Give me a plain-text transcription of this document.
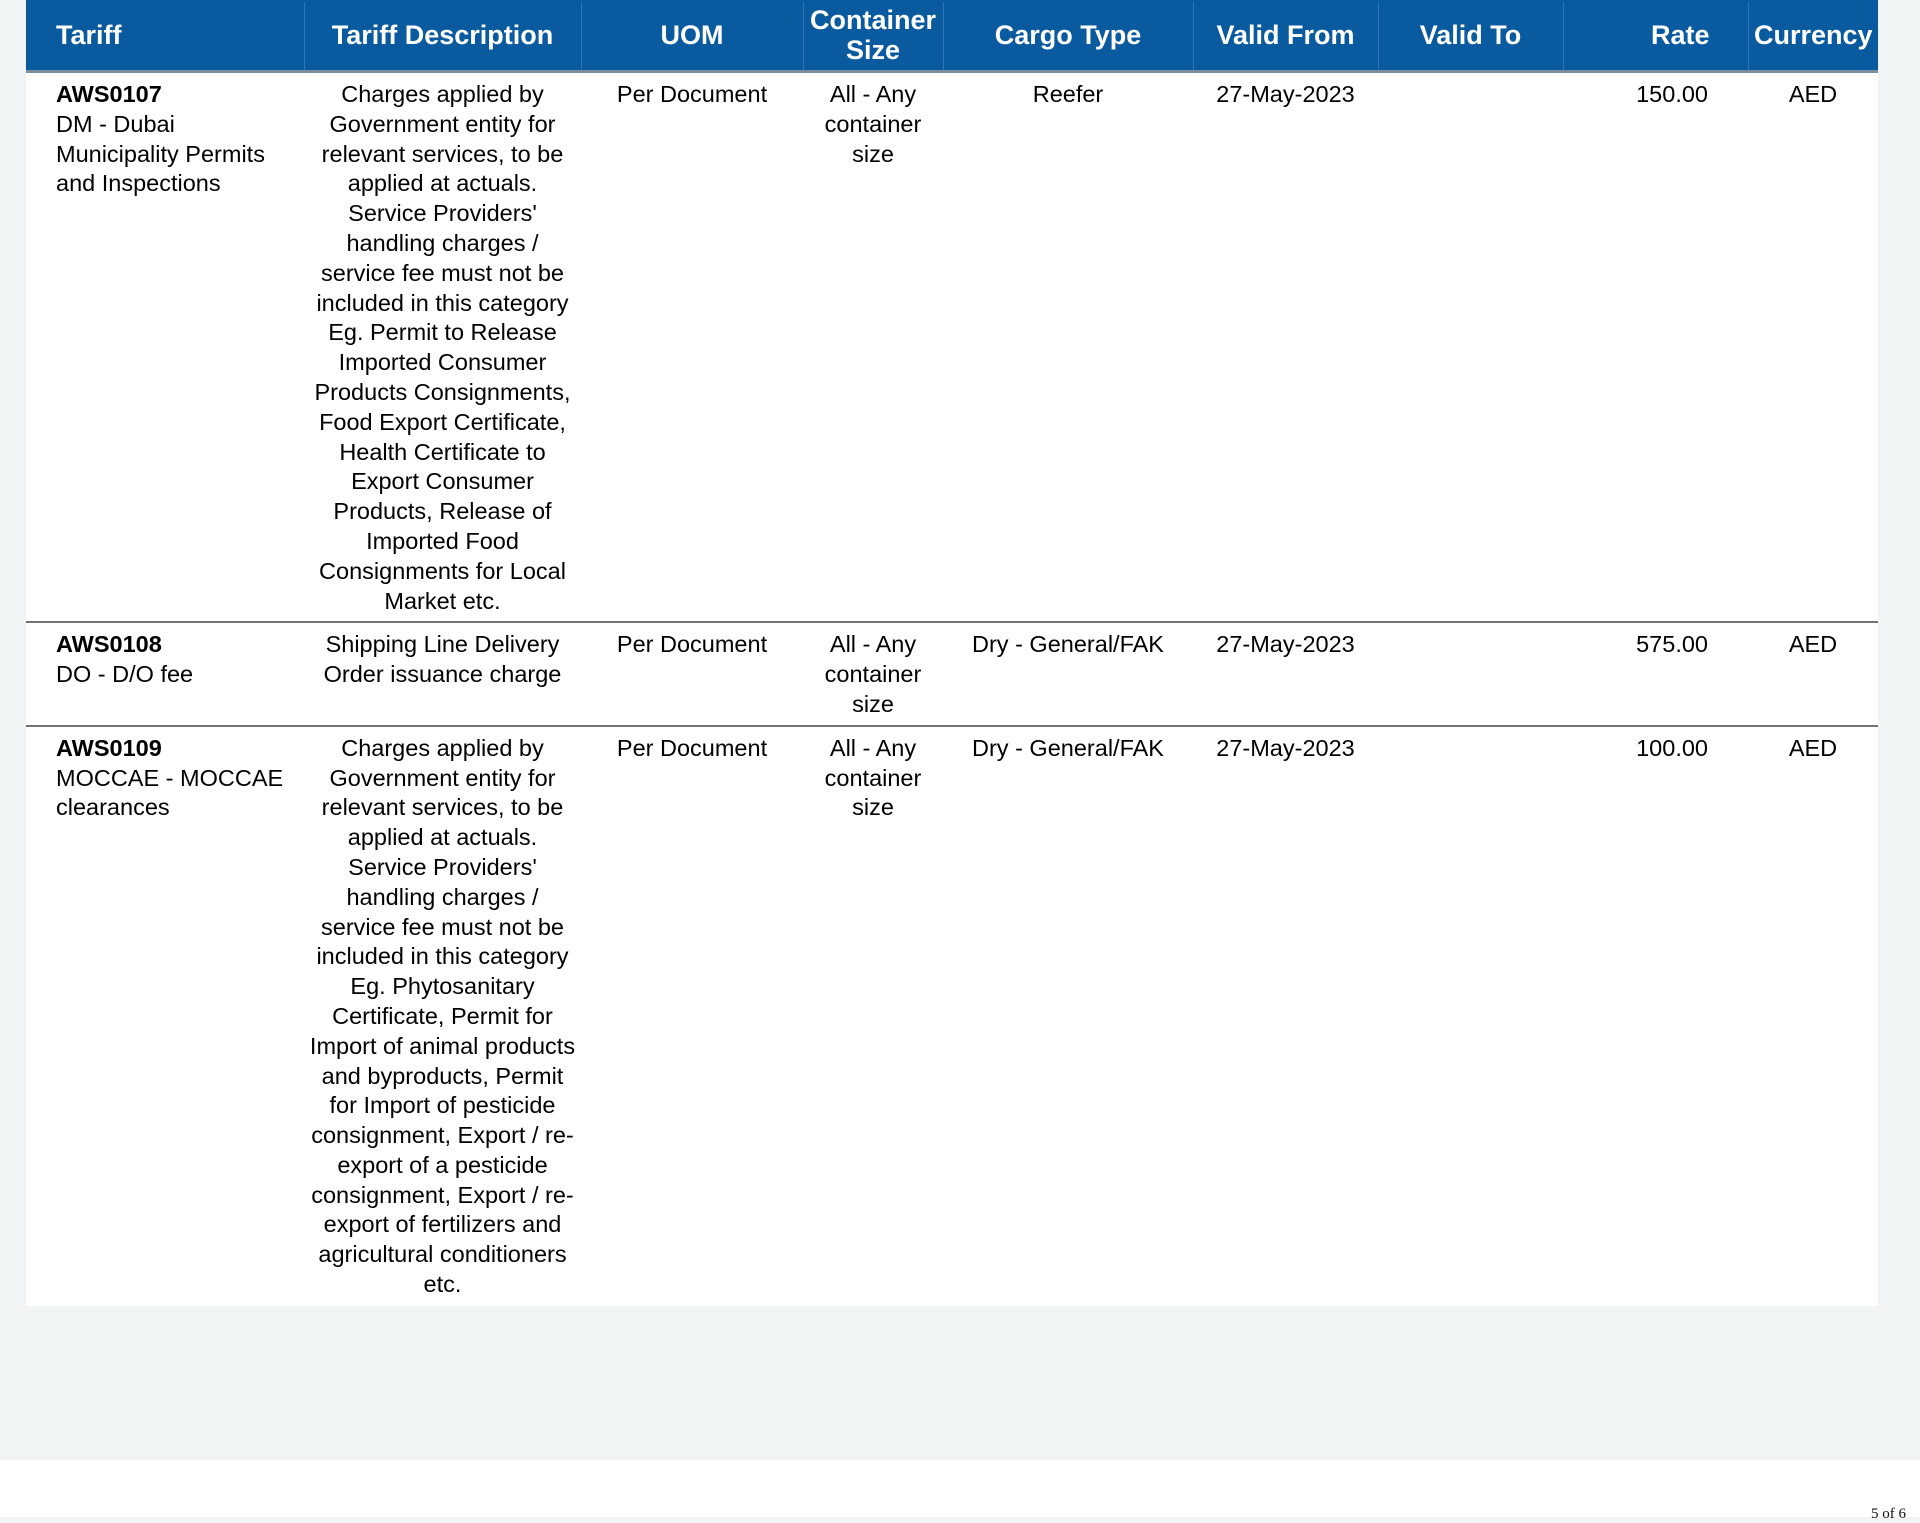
Tariff	Tariff Description	UOM	Container Size	Cargo Type	Valid From	Valid To	Rate	Currency

AWS0107
DM - Dubai Municipality Permits and Inspections	Charges applied by Government entity for relevant services, to be applied at actuals. Service Providers' handling charges / service fee must not be included in this category Eg. Permit to Release Imported Consumer Products Consignments, Food Export Certificate, Health Certificate to Export Consumer Products, Release of Imported Food Consignments for Local Market etc.	Per Document	All - Any container size	Reefer	27-May-2023		150.00	AED

AWS0108
DO - D/O fee	Shipping Line Delivery Order issuance charge	Per Document	All - Any container size	Dry - General/FAK	27-May-2023		575.00	AED

AWS0109
MOCCAE - MOCCAE clearances	Charges applied by Government entity for relevant services, to be applied at actuals. Service Providers' handling charges / service fee must not be included in this category Eg. Phytosanitary Certificate, Permit for Import of animal products and byproducts, Permit for Import of pesticide consignment, Export / re-export of a pesticide consignment, Export / re-export of fertilizers and agricultural conditioners etc.	Per Document	All - Any container size	Dry - General/FAK	27-May-2023		100.00	AED
5 of 6
